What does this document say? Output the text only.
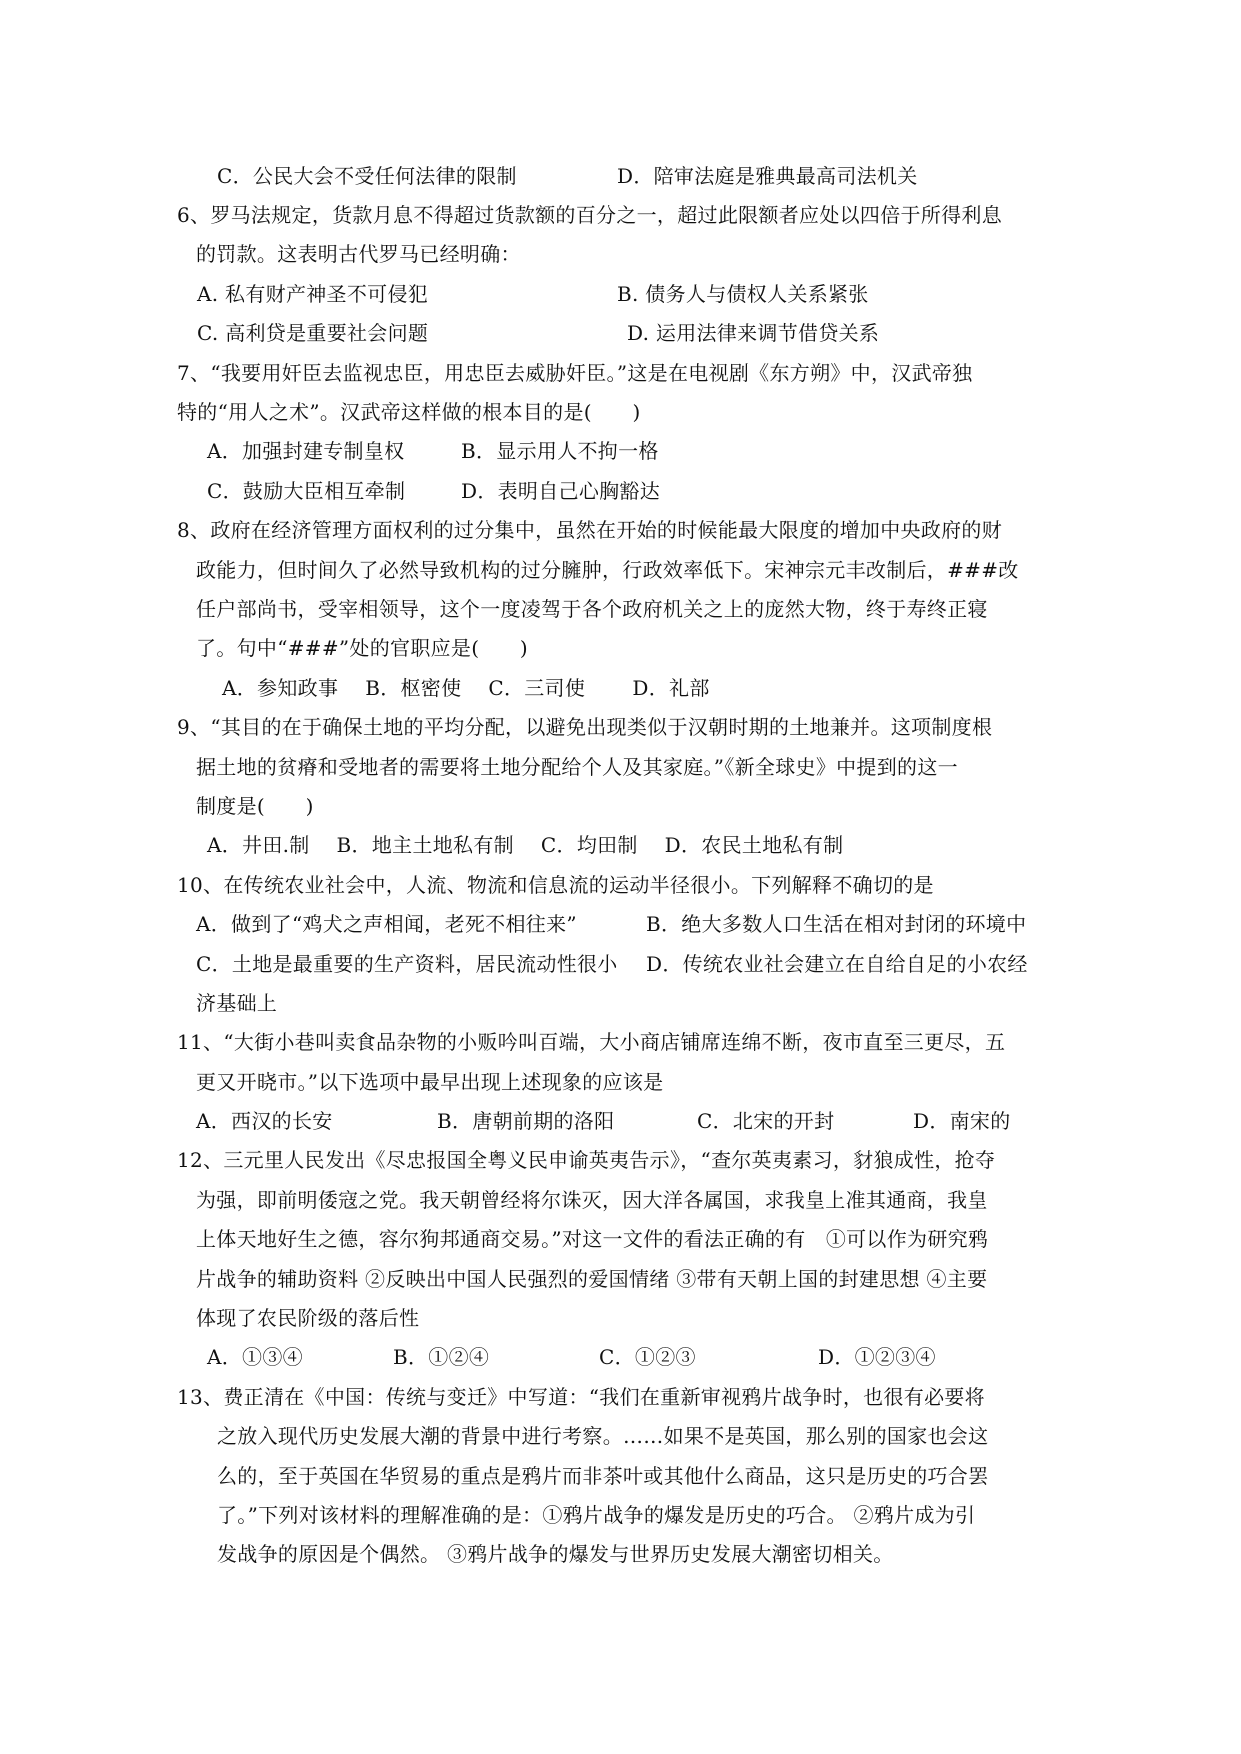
C．公民大会不受任何法律的限制	D．陪审法庭是雅典最高司法机关
6、罗马法规定，货款月息不得超过货款额的百分之一，超过此限额者应处以四倍于所得利息
的罚款。这表明古代罗马已经明确：
A. 私有财产神圣不可侵犯	B. 债务人与债权人关系紧张
C. 高利贷是重要社会问题	D. 运用法律来调节借贷关系
7、“我要用奸臣去监视忠臣，用忠臣去威胁奸臣。”这是在电视剧《东方朔》中，汉武帝独
特的“用人之术”。汉武帝这样做的根本目的是(　　)
A．加强封建专制皇权	B．显示用人不拘一格
C．鼓励大臣相互牵制	D．表明自己心胸豁达
8、政府在经济管理方面权利的过分集中，虽然在开始的时候能最大限度的增加中央政府的财
政能力，但时间久了必然导致机构的过分臃肿，行政效率低下。宋神宗元丰改制后，###改
任户部尚书，受宰相领导，这个一度凌驾于各个政府机关之上的庞然大物，终于寿终正寝
了。句中“###”处的官职应是(　　)
A．参知政事　 B．枢密使　 C．三司使　　 D．礼部
9、“其目的在于确保土地的平均分配，以避免出现类似于汉朝时期的土地兼并。这项制度根
据土地的贫瘠和受地者的需要将土地分配给个人及其家庭。”《新全球史》中提到的这一
制度是(　　)
A．井田.制　 B．地主土地私有制　 C．均田制　 D．农民土地私有制
10、在传统农业社会中，人流、物流和信息流的运动半径很小。下列解释不确切的是
A．做到了“鸡犬之声相闻，老死不相往来”	B．绝大多数人口生活在相对封闭的环境中
C．土地是最重要的生产资料，居民流动性很小 D．传统农业社会建立在自给自足的小农经
济基础上
11、“大街小巷叫卖食品杂物的小贩吟叫百端，大小商店铺席连绵不断，夜市直至三更尽，五
更又开晓市。”以下选项中最早出现上述现象的应该是
A．西汉的长安	B．唐朝前期的洛阳	C．北宋的开封	D．南宋的
12、三元里人民发出《尽忠报国全粤义民申谕英夷告示》，“查尔英夷素习，豺狼成性，抢夺
为强，即前明倭寇之党。我天朝曾经将尔诛灭，因大洋各属国，求我皇上准其通商，我皇
上体天地好生之德，容尔狗邦通商交易。”对这一文件的看法正确的有　①可以作为研究鸦
片战争的辅助资料 ②反映出中国人民强烈的爱国情绪 ③带有天朝上国的封建思想 ④主要
体现了农民阶级的落后性
A．①③④	B．①②④	C．①②③	D．①②③④
13、费正清在《中国：传统与变迁》中写道：“我们在重新审视鸦片战争时，也很有必要将
之放入现代历史发展大潮的背景中进行考察。……如果不是英国，那么别的国家也会这
么的，至于英国在华贸易的重点是鸦片而非茶叶或其他什么商品，这只是历史的巧合罢
了。”下列对该材料的理解准确的是：①鸦片战争的爆发是历史的巧合。 ②鸦片成为引
发战争的原因是个偶然。 ③鸦片战争的爆发与世界历史发展大潮密切相关。
